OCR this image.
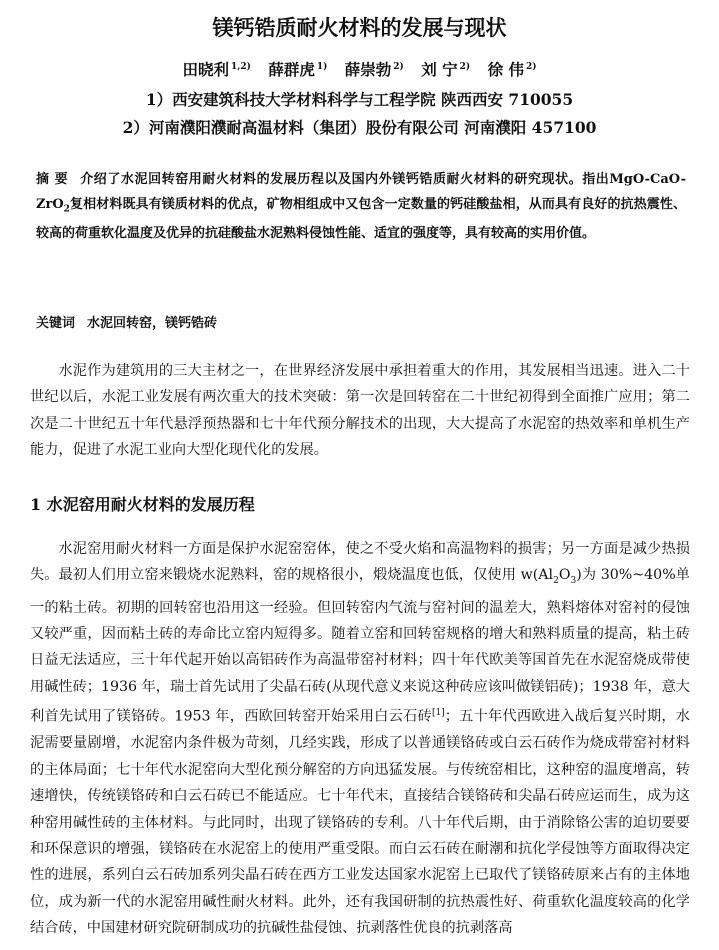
镁钙锆质耐火材料的发展与现状
田晓利 $^{1,2)}$ 薛群虎 $^{1)}$ 薛崇勃 $^{2)}$ 刘 宁 $^{2)}$ 徐 伟 $^{2)}$
1）西安建筑科技大学材料科学与工程学院 陕西西安 710055
2）河南濮阳濮耐高温材料（集团）股份有限公司 河南濮阳 457100
摘 要 介绍了水泥回转窑用耐火材料的发展历程以及国内外镁钙锆质耐火材料的研究现状。指出MgO-CaO-ZrO$_2$复相材料既具有镁质材料的优点，矿物相组成中又包含一定数量的钙硅酸盐相，从而具有良好的抗热震性、较高的荷重软化温度及优异的抗硅酸盐水泥熟料侵蚀性能、适宜的强度等，具有较高的实用价值。
关键词 水泥回转窑，镁钙锆砖

水泥作为建筑用的三大主材之一，在世界经济发展中承担着重大的作用，其发展相当迅速。进入二十世纪以后，水泥工业发展有两次重大的技术突破：第一次是回转窑在二十世纪初得到全面推广应用；第二次是二十世纪五十年代悬浮预热器和七十年代预分解技术的出现，大大提高了水泥窑的热效率和单机生产能力，促进了水泥工业向大型化现代化的发展。

1 水泥窑用耐火材料的发展历程

水泥窑用耐火材料一方面是保护水泥窑窑体，使之不受火焰和高温物料的损害；另一方面是减少热损失。最初人们用立窑来锻烧水泥熟料，窑的规格很小，煅烧温度也低，仅使用 $w(Al_2O_3)$为 30%~40%单一的粘土砖。初期的回转窑也沿用这一经验。但回转窑内气流与窑衬间的温差大，熟料熔体对窑衬的侵蚀又较严重，因而粘土砖的寿命比立窑内短得多。随着立窑和回转窑规格的增大和熟料质量的提高，粘土砖日益无法适应，三十年代起开始以高铝砖作为高温带窑衬材料；四十年代欧美等国首先在水泥窑烧成带使用碱性砖；1936 年，瑞士首先试用了尖晶石砖(从现代意义来说这种砖应该叫做镁铝砖)；1938 年，意大利首先试用了镁铬砖。1953 年，西欧回转窑开始采用白云石砖[1]；五十年代西欧进入战后复兴时期，水泥需要量剧增，水泥窑内条件极为苛刻，几经实践，形成了以普通镁铬砖或白云石砖作为烧成带窑衬材料的主体局面；七十年代水泥窑向大型化预分解窑的方向迅猛发展。与传统窑相比，这种窑的温度增高，转速增快，传统镁铬砖和白云石砖已不能适应。七十年代末，直接结合镁铬砖和尖晶石砖应运而生，成为这种窑用碱性砖的主体材料。与此同时，出现了镁铬砖的专利。八十年代后期，由于消除铬公害的迫切要要和环保意识的增强，镁铬砖在水泥窑上的使用严重受限。而白云石砖在耐潮和抗化学侵蚀等方面取得决定性的进展，系列白云石砖加系列尖晶石砖在西方工业发达国家水泥窑上已取代了镁铬砖原来占有的主体地位，成为新一代的水泥窑用碱性耐火材料。此外，还有我国研制的抗热震性好、荷重软化温度较高的化学结合砖，中国建材研究院研制成功的抗碱性盐侵蚀、抗剥落性优良的抗剥落高
